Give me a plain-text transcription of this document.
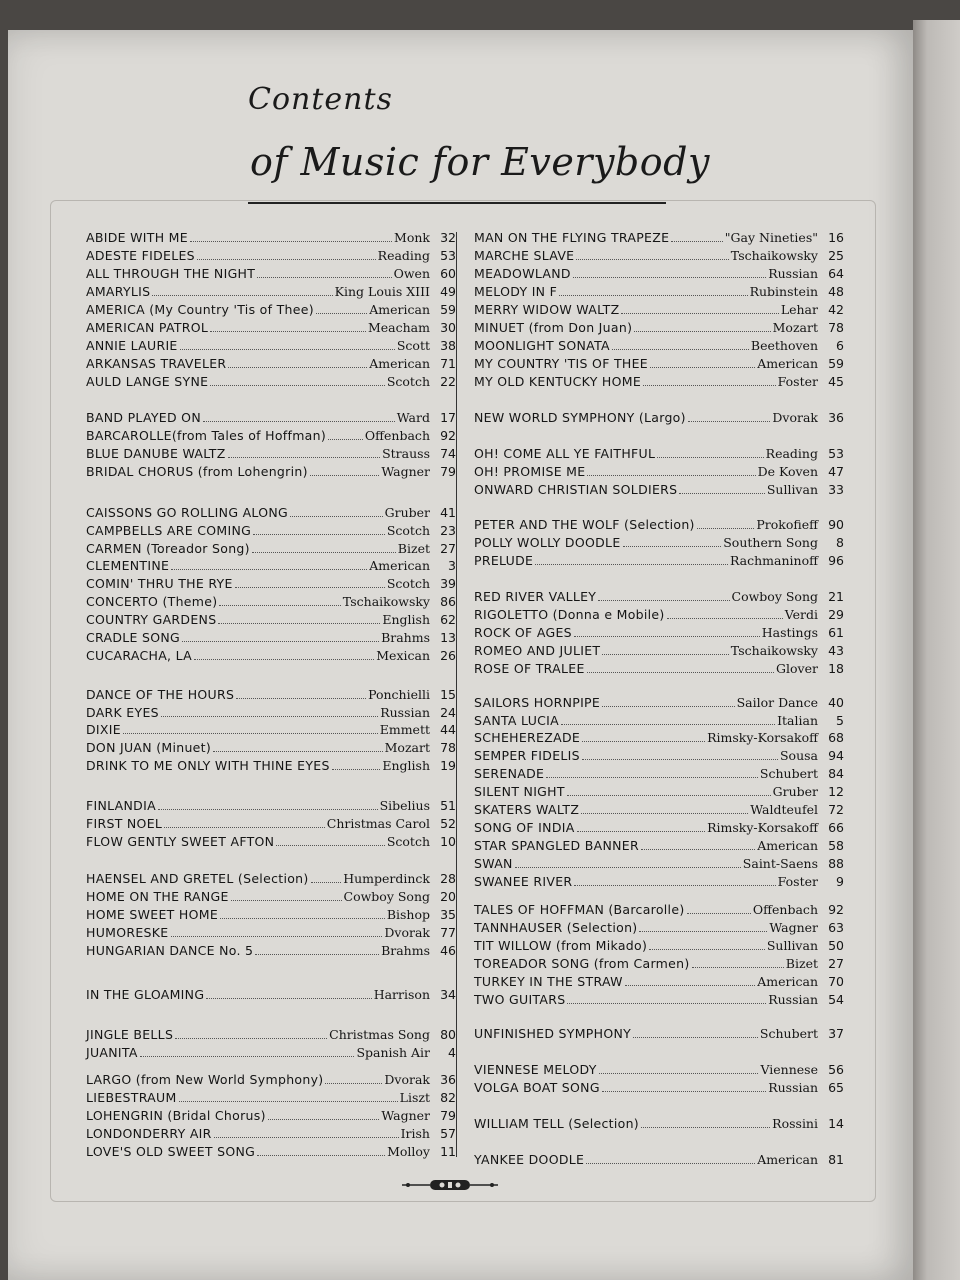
Contents
of Music for Everybody
ABIDE WITH ME	Monk 32
ADESTE FIDELES	Reading 53
ALL THROUGH THE NIGHT	Owen 60
AMARYLIS	King Louis XIII 49
AMERICA (My Country 'Tis of Thee)	American 59
AMERICAN PATROL	Meacham 30
ANNIE LAURIE	Scott 38
ARKANSAS TRAVELER	American 71
AULD LANGE SYNE	Scotch 22
BAND PLAYED ON	Ward 17
BARCAROLLE(from Tales of Hoffman)	Offenbach 92
BLUE DANUBE WALTZ	Strauss 74
BRIDAL CHORUS (from Lohengrin)	Wagner 79
CAISSONS GO ROLLING ALONG	Gruber 41
CAMPBELLS ARE COMING	Scotch 23
CARMEN (Toreador Song)	Bizet 27
CLEMENTINE	American	3
COMIN' THRU THE RYE	Scotch 39
CONCERTO (Theme)	Tschaikowsky 86
COUNTRY GARDENS	English 62
CRADLE SONG	Brahms 13
CUCARACHA, LA	Mexican 26
DANCE OF THE HOURS	Ponchielli 15
DARK EYES	Russian 24
DIXIE	Emmett 44
DON JUAN (Minuet)	Mozart 78
DRINK TO ME ONLY WITH THINE EYES	English 19
FINLANDIA	Sibelius 51
FIRST NOEL	Christmas Carol 52
FLOW GENTLY SWEET AFTON	Scotch 10
HAENSEL AND GRETEL (Selection)	Humperdinck 28
HOME ON THE RANGE	Cowboy Song 20
HOME SWEET HOME	Bishop 35
HUMORESKE	Dvorak 77
HUNGARIAN DANCE No. 5	Brahms 46
IN THE GLOAMING	Harrison 34
JINGLE BELLS	Christmas Song 80
JUANITA	Spanish Air	4
LARGO (from New World Symphony)	Dvorak 36
LIEBESTRAUM	Liszt 82
LOHENGRIN (Bridal Chorus)	Wagner 79
LONDONDERRY AIR	Irish 57
LOVE'S OLD SWEET SONG	Molloy 11
MAN ON THE FLYING TRAPEZE	"Gay Nineties" 16
MARCHE SLAVE	Tschaikowsky 25
MEADOWLAND	Russian 64
MELODY IN F	Rubinstein 48
MERRY WIDOW WALTZ	Lehar 42
MINUET (from Don Juan)	Mozart 78
MOONLIGHT SONATA	Beethoven	6
MY COUNTRY 'TIS OF THEE	American 59
MY OLD KENTUCKY HOME	Foster 45
NEW WORLD SYMPHONY (Largo)	Dvorak 36
OH! COME ALL YE FAITHFUL	Reading 53
OH! PROMISE ME	De Koven 47
ONWARD CHRISTIAN SOLDIERS	Sullivan 33
PETER AND THE WOLF (Selection)	Prokofieff 90
POLLY WOLLY DOODLE	Southern Song	8
PRELUDE	Rachmaninoff 96
RED RIVER VALLEY	Cowboy Song 21
RIGOLETTO (Donna e Mobile)	Verdi 29
ROCK OF AGES	Hastings 61
ROMEO AND JULIET	Tschaikowsky 43
ROSE OF TRALEE	Glover 18
SAILORS HORNPIPE	Sailor Dance 40
SANTA LUCIA	Italian	5
SCHEHEREZADE	Rimsky-Korsakoff 68
SEMPER FIDELIS	Sousa 94
SERENADE	Schubert 84
SILENT NIGHT	Gruber 12
SKATERS WALTZ	Waldteufel 72
SONG OF INDIA	Rimsky-Korsakoff 66
STAR SPANGLED BANNER	American 58
SWAN	Saint-Saens 88
SWANEE RIVER	Foster	9
TALES OF HOFFMAN (Barcarolle)	Offenbach 92
TANNHAUSER (Selection)	Wagner 63
TIT WILLOW (from Mikado)	Sullivan 50
TOREADOR SONG (from Carmen)	Bizet 27
TURKEY IN THE STRAW	American 70
TWO GUITARS	Russian 54
UNFINISHED SYMPHONY	Schubert 37
VIENNESE MELODY	Viennese 56
VOLGA BOAT SONG	Russian 65
WILLIAM TELL (Selection)	Rossini 14
YANKEE DOODLE	American 81
